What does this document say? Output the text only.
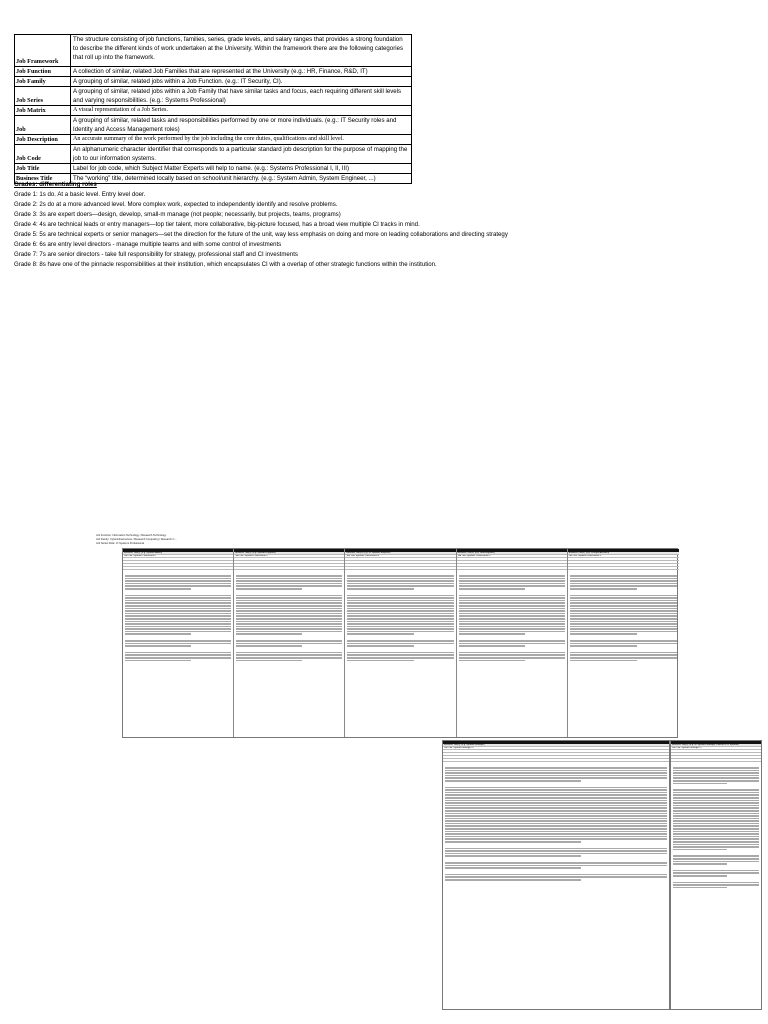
Job Framework	The structure consisting of job functions, families, series, grade levels, and salary ranges that provides a strong foundation to describe the different kinds of work undertaken at the University. Within the framework there are the following categories that roll up into the framework.
Job Function	A collection of similar, related Job Families that are represented at the University (e.g.: HR, Finance, R&D, IT)
Job Family	A grouping of similar, related jobs within a Job Function. (e.g.: IT Security, CI).
Job Series	A grouping of similar, related jobs within a Job Family that have similar tasks and focus, each requiring different skill levels and varying responsibilities. (e.g.: Systems Professional)
Job Matrix	A visual representation of a Job Series.
Job	A grouping of similar, related tasks and responsibilities performed by one or more individuals. (e.g.: IT Security roles and Identity and Access Management roles)
Job Description	An accurate summary of the work performed by the job including the core duties, qualifications and skill level.
Job Code	An alphanumeric character identifier that corresponds to a particular standard job description for the purpose of mapping the job to our information systems.
Job Title	Label for job code, which Subject Matter Experts will help to name. (e.g.: Systems Professional I, II, III)
Business Title	The “working” title, determined locally based on school/unit hierarchy. (e.g.: System Admin, System Engineer, ...)
Grades: differentiating roles
Grade 1: 1s do. At a basic level. Entry level doer.
Grade 2: 2s do at a more advanced level. More complex work, expected to independently identify and resolve problems.
Grade 3: 3s are expert doers—design, develop, small-m manage (not people; necessarily, but projects, teams, programs)
Grade 4: 4s are technical leads or entry managers—top tier talent, more collaborative, big-picture focused, has a broad view multiple CI tracks in mind.
Grade 5: 5s are technical experts or senior managers—set the direction for the future of the unit, way less emphasis on doing and more on leading collaborations and directing strategy
Grade 6: 6s are entry level directors - manage multiple teams and with some control of investments
Grade 7: 7s are senior directors - take full responsibility for strategy, professional staff and CI investments
Grade 8: 8s have one of the pinnacle responsibilities at their institution, which encapsulates CI with a overlap of other strategic functions within the institution.
Job Function: Information Technology / Research Technology
Job Family: Cyberinfrastructure / Research Computing / Research C...
Job Series Role: CI Systems Professional
Business Title(s): (e.g. Systems Admin)
Job Title: Systems Professional I
Business Title(s): (e.g. Systems Engineer)
Job Title: Systems Professional II
Business Title(s): (e.g. Sr. Systems Engineer)
Job Title: Systems Professional III
Business Title(s): (e.g. Lead Engineer)
Job Title: Systems Professional IV
Business Title(s): (e.g. Principal Architect)
Job Title: Systems Professional V
Business Title(s): (e.g. Systems Manager)
Job Title: Systems Manager III
Business Title(s): (e.g. Sr. Systems Manager, Director of CI Systems)
Job Title: Systems Manager IV
